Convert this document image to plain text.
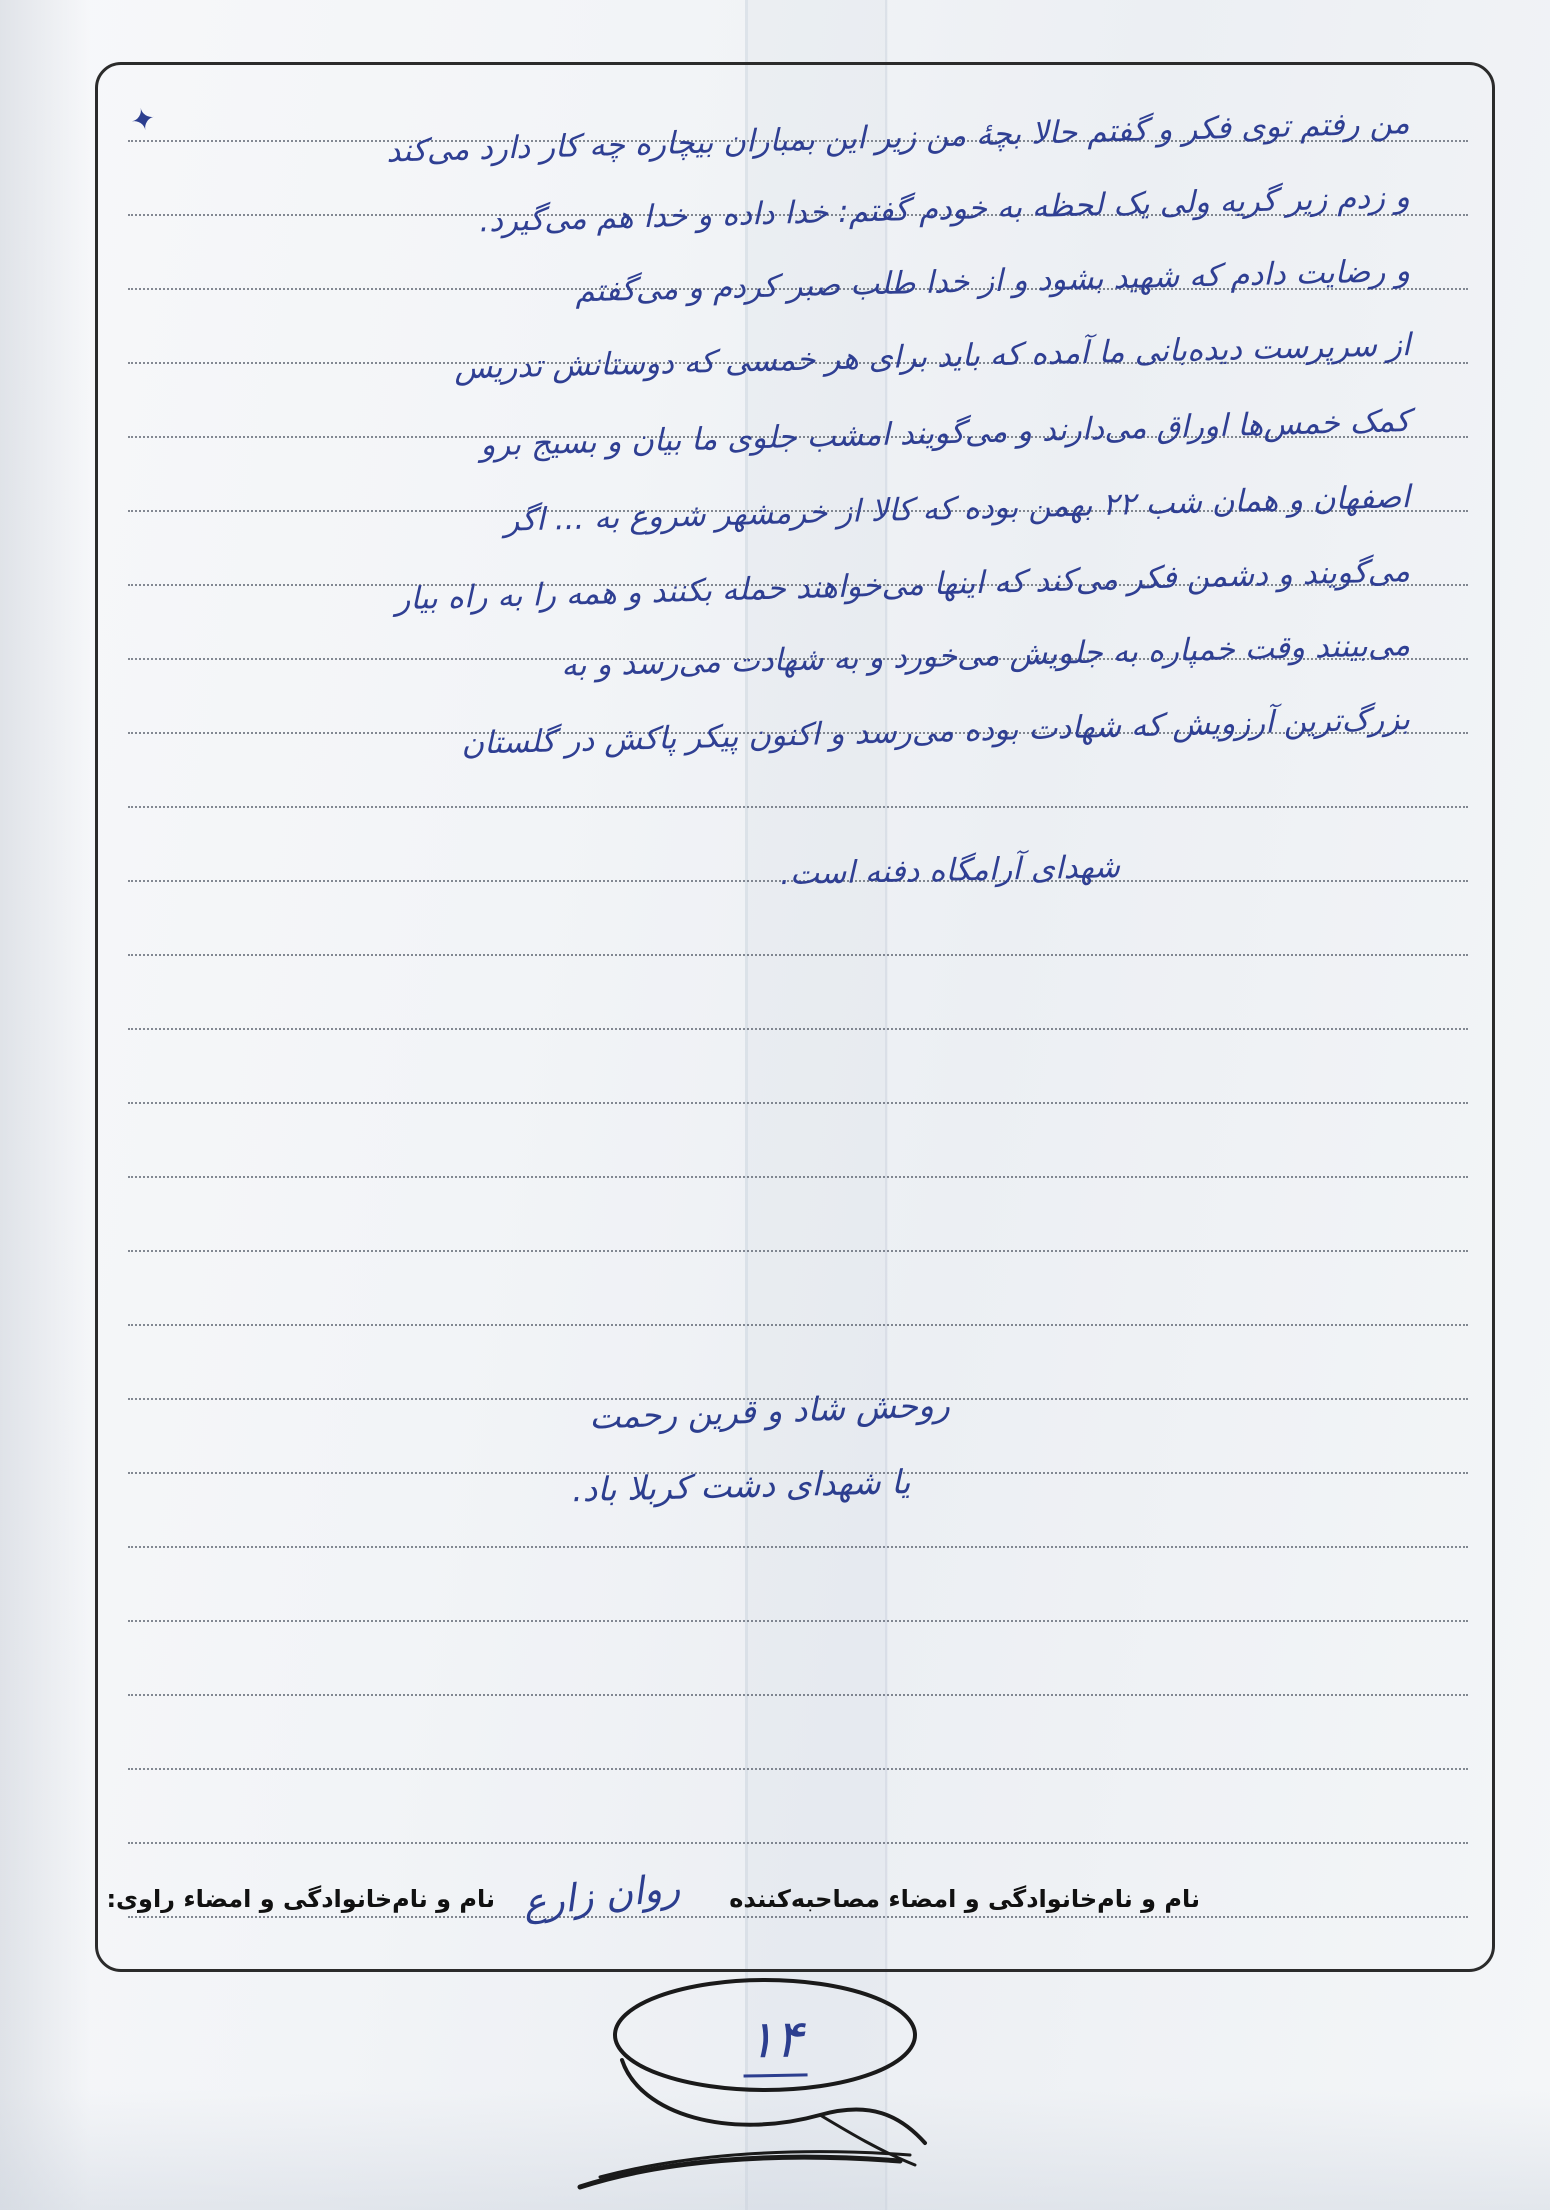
✦	من رفتم توی فکر و گفتم حالا بچهٔ من زیر این بمباران بیچاره چه کار دارد می‌کند
و زدم زیر گریه ولی یک لحظه به خودم گفتم: خدا داده و خدا هم می‌گیرد.
و رضایت دادم که شهید بشود و از خدا طلب صبر کردم و می‌گفتم
از سرپرست دیده‌بانی ما آمده که باید برای هر خمسی که دوستانش تدریس
کمک خمس‌ها اوراق می‌دارند و می‌گویند امشب جلوی ما بیان و بسیج برو
اصفهان و همان شب ۲۲ بهمن بوده که کالا از خرمشهر شروع به ... اگر
می‌گویند و دشمن فکر می‌کند که اینها می‌خواهند حمله بکنند و همه را به راه بیار
می‌بینند وقت خمپاره به جلویش می‌خورد و به شهادت می‌رسد و به
بزرگ‌ترین آرزویش که شهادت بوده می‌رسد و اکنون پیکر پاکش در گلستان
شهدای آرامگاه دفنه است.
روحش شاد و قرین رحمت
یا شهدای دشت کربلا باد.
نام و نام‌خانوادگی و امضاء مصاحبه‌کننده
روان زارع
نام و نام‌خانوادگی و امضاء راوی:
۱۴
